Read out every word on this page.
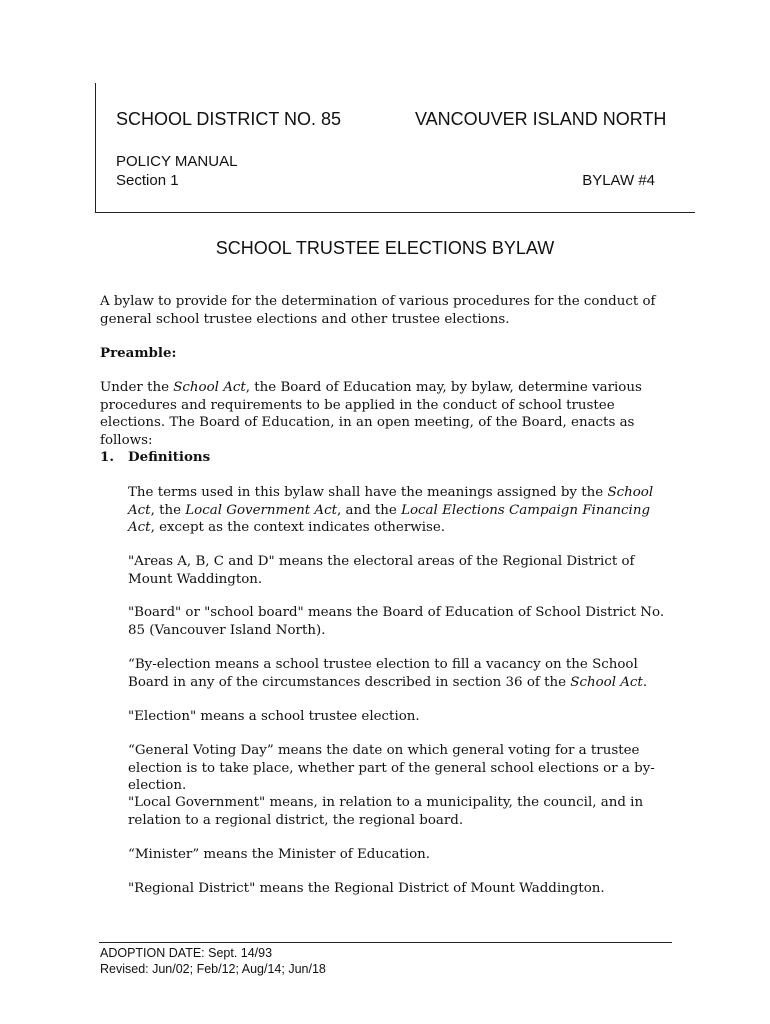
SCHOOL DISTRICT NO. 85	VANCOUVER ISLAND NORTH
POLICY MANUAL
Section 1	BYLAW #4
SCHOOL TRUSTEE ELECTIONS BYLAW

A bylaw to provide for the determination of various procedures for the conduct of general school trustee elections and other trustee elections.

Preamble:

Under the School Act, the Board of Education may, by bylaw, determine various procedures and requirements to be applied in the conduct of school trustee elections. The Board of Education, in an open meeting, of the Board, enacts as follows:

1. Definitions

The terms used in this bylaw shall have the meanings assigned by the School Act, the Local Government Act, and the Local Elections Campaign Financing Act, except as the context indicates otherwise.

"Areas A, B, C and D" means the electoral areas of the Regional District of Mount Waddington.

"Board" or "school board" means the Board of Education of School District No. 85 (Vancouver Island North).

“By-election means a school trustee election to fill a vacancy on the School Board in any of the circumstances described in section 36 of the School Act.

"Election" means a school trustee election.

“General Voting Day” means the date on which general voting for a trustee election is to take place, whether part of the general school elections or a by-election.

"Local Government" means, in relation to a municipality, the council, and in relation to a regional district, the regional board.

“Minister” means the Minister of Education.

"Regional District" means the Regional District of Mount Waddington.

ADOPTION DATE: Sept. 14/93
Revised: Jun/02; Feb/12; Aug/14; Jun/18
